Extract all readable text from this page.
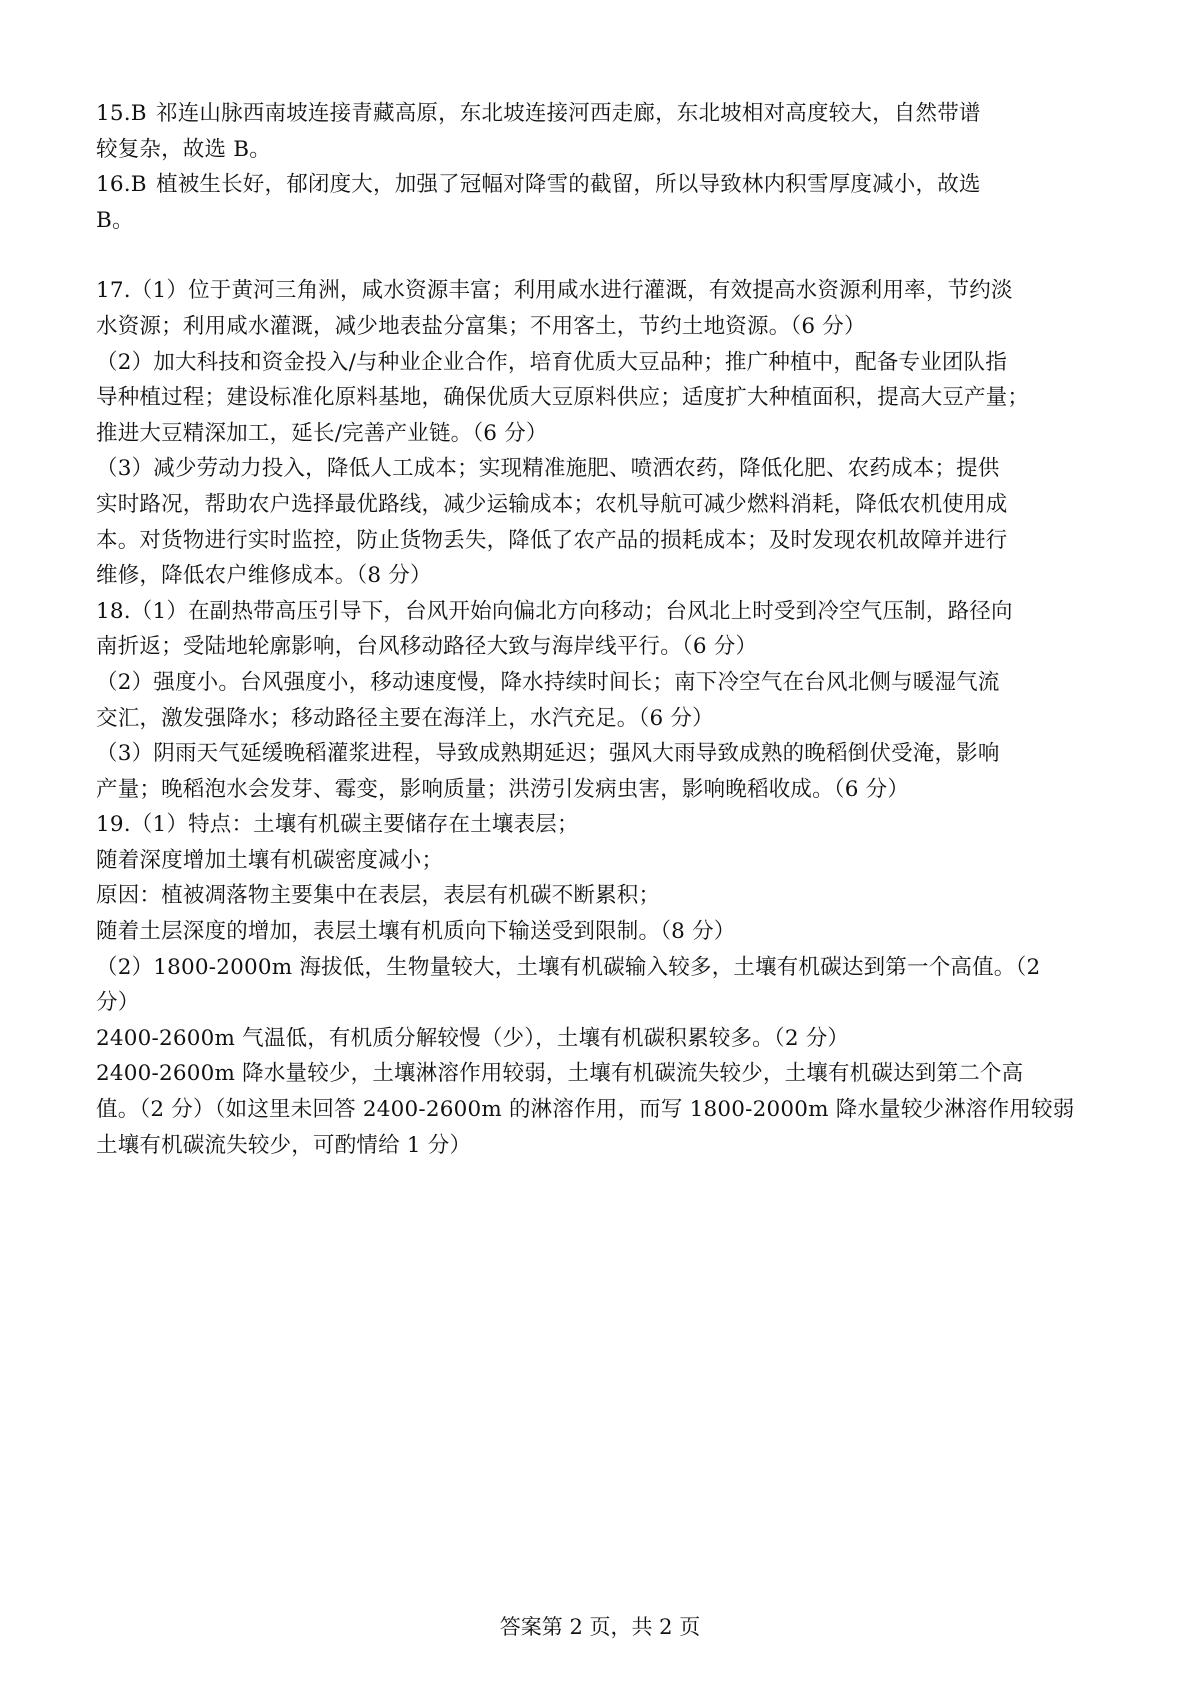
15.B 祁连山脉西南坡连接青藏高原，东北坡连接河西走廊，东北坡相对高度较大，自然带谱
较复杂，故选 B。
16.B 植被生长好，郁闭度大，加强了冠幅对降雪的截留，所以导致林内积雪厚度减小，故选
B。
17.（1）位于黄河三角洲，咸水资源丰富；利用咸水进行灌溉，有效提高水资源利用率，节约淡
水资源；利用咸水灌溉，减少地表盐分富集；不用客土，节约土地资源。（6 分）
（2）加大科技和资金投入/与种业企业合作，培育优质大豆品种；推广种植中，配备专业团队指
导种植过程；建设标准化原料基地，确保优质大豆原料供应；适度扩大种植面积，提高大豆产量；
推进大豆精深加工，延长/完善产业链。（6 分）
（3）减少劳动力投入，降低人工成本；实现精准施肥、喷洒农药，降低化肥、农药成本；提供
实时路况，帮助农户选择最优路线，减少运输成本；农机导航可减少燃料消耗，降低农机使用成
本。对货物进行实时监控，防止货物丢失，降低了农产品的损耗成本；及时发现农机故障并进行
维修，降低农户维修成本。（8 分）
18.（1）在副热带高压引导下，台风开始向偏北方向移动；台风北上时受到冷空气压制，路径向
南折返；受陆地轮廓影响，台风移动路径大致与海岸线平行。（6 分）
（2）强度小。台风强度小，移动速度慢，降水持续时间长；南下冷空气在台风北侧与暖湿气流
交汇，激发强降水；移动路径主要在海洋上，水汽充足。（6 分）
（3）阴雨天气延缓晚稻灌浆进程，导致成熟期延迟；强风大雨导致成熟的晚稻倒伏受淹，影响
产量；晚稻泡水会发芽、霉变，影响质量；洪涝引发病虫害，影响晚稻收成。（6 分）
19.（1）特点：土壤有机碳主要储存在土壤表层；
随着深度增加土壤有机碳密度减小；
原因：植被凋落物主要集中在表层，表层有机碳不断累积；
随着土层深度的增加，表层土壤有机质向下输送受到限制。（8 分）
（2）1800-2000m 海拔低，生物量较大，土壤有机碳输入较多，土壤有机碳达到第一个高值。（2
分）
2400-2600m 气温低，有机质分解较慢（少），土壤有机碳积累较多。（2 分）
2400-2600m 降水量较少，土壤淋溶作用较弱，土壤有机碳流失较少，土壤有机碳达到第二个高
值。（2 分）（如这里未回答 2400-2600m 的淋溶作用，而写 1800-2000m 降水量较少淋溶作用较弱
土壤有机碳流失较少，可酌情给 1 分）
答案第 2 页，共 2 页
